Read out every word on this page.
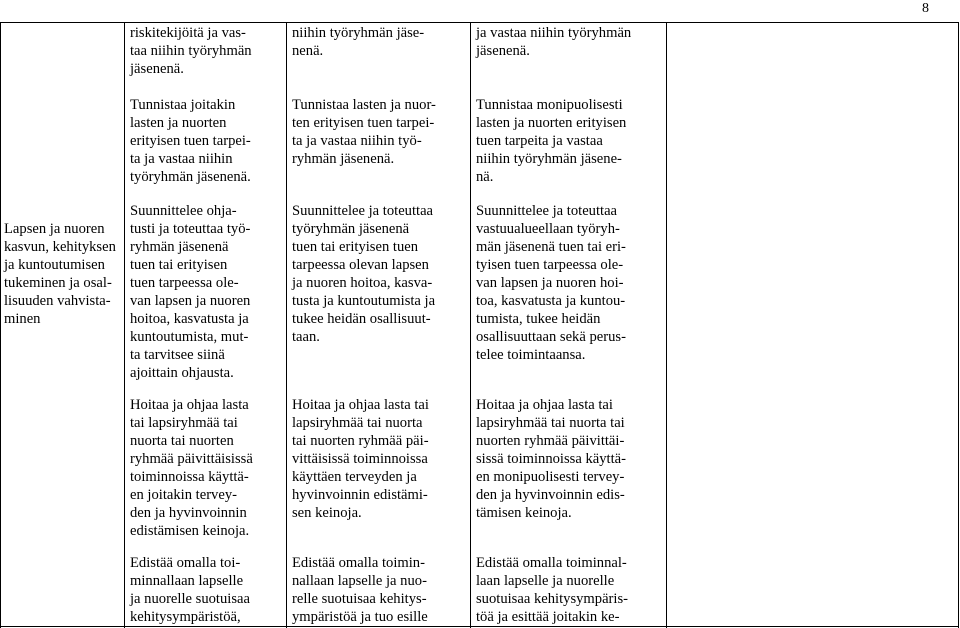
8
riskitekijöitä ja vas-
taa niihin työryhmän
jäsenenä.
niihin työryhmän jäse-
nenä.
ja vastaa niihin työryhmän
jäsenenä.
Tunnistaa joitakin
lasten ja nuorten
erityisen tuen tarpei-
ta ja vastaa niihin
työryhmän jäsenenä.
Tunnistaa lasten ja nuor-
ten erityisen tuen tarpei-
ta ja vastaa niihin työ-
ryhmän jäsenenä.
Tunnistaa monipuolisesti
lasten ja nuorten erityisen
tuen tarpeita ja vastaa
niihin työryhmän jäsene-
nä.
Lapsen ja nuoren
kasvun, kehityksen
ja kuntoutumisen
tukeminen ja osal-
lisuuden vahvista-
minen
Suunnittelee ohja-
tusti ja toteuttaa työ-
ryhmän jäsenenä
tuen tai erityisen
tuen tarpeessa ole-
van lapsen ja nuoren
hoitoa, kasvatusta ja
kuntoutumista, mut-
ta tarvitsee siinä
ajoittain ohjausta.
Suunnittelee ja toteuttaa
työryhmän jäsenenä
tuen tai erityisen tuen
tarpeessa olevan lapsen
ja nuoren hoitoa, kasva-
tusta ja kuntoutumista ja
tukee heidän osallisuut-
taan.
Suunnittelee ja toteuttaa
vastuualueellaan työryh-
män jäsenenä tuen tai eri-
tyisen tuen tarpeessa ole-
van lapsen ja nuoren hoi-
toa, kasvatusta ja kuntou-
tumista, tukee heidän
osallisuuttaan sekä perus-
telee toimintaansa.
Hoitaa ja ohjaa lasta
tai lapsiryhmää tai
nuorta tai nuorten
ryhmää päivittäisissä
toiminnoissa käyttä-
en joitakin tervey-
den ja hyvinvoinnin
edistämisen keinoja.
Hoitaa ja ohjaa lasta tai
lapsiryhmää tai nuorta
tai nuorten ryhmää päi-
vittäisissä toiminnoissa
käyttäen terveyden ja
hyvinvoinnin edistämi-
sen keinoja.
Hoitaa ja ohjaa lasta tai
lapsiryhmää tai nuorta tai
nuorten ryhmää päivittäi-
sissä toiminnoissa käyttä-
en monipuolisesti tervey-
den ja hyvinvoinnin edis-
tämisen keinoja.
Edistää omalla toi-
minnallaan lapselle
ja nuorelle suotuisaa
kehitysympäristöä,
Edistää omalla toimin-
nallaan lapselle ja nuo-
relle suotuisaa kehitys-
ympäristöä ja tuo esille
Edistää omalla toiminnal-
laan lapselle ja nuorelle
suotuisaa kehitysympäris-
töä ja esittää joitakin ke-
